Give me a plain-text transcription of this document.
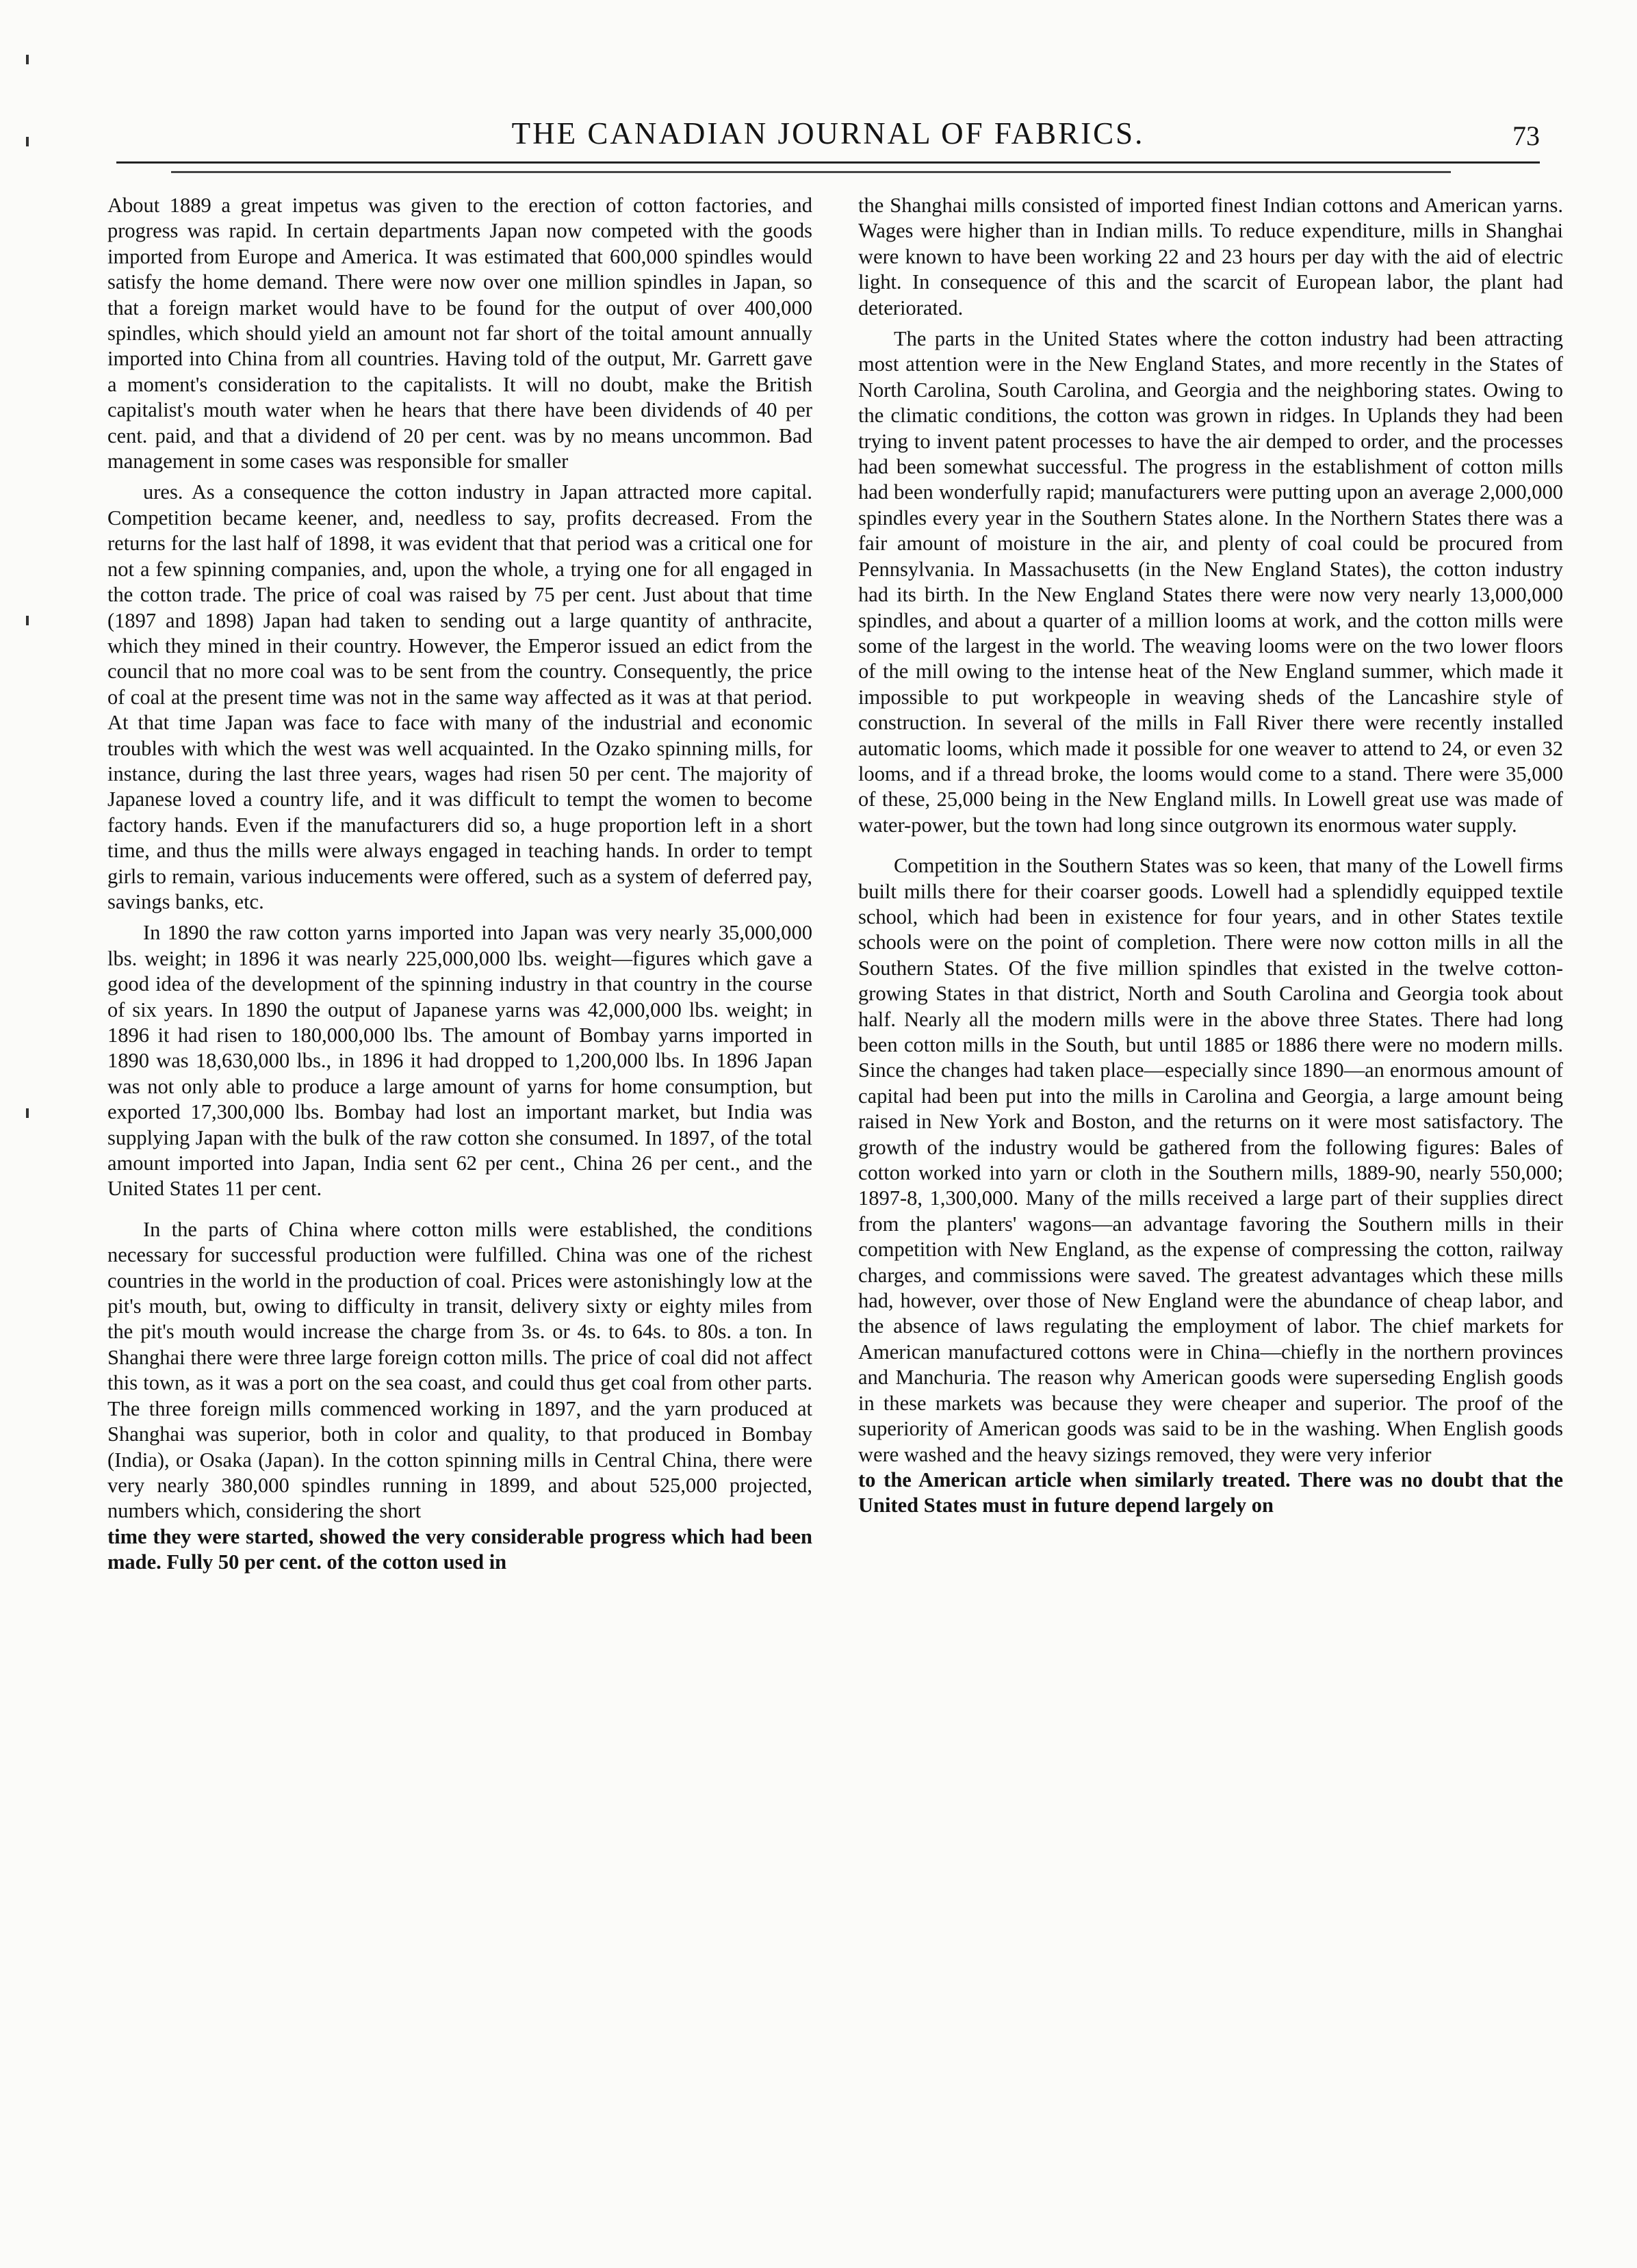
THE CANADIAN JOURNAL OF FABRICS.	73

About 1889 a great impetus was given to the erection of cotton factories, and progress was rapid. In certain departments Japan now competed with the goods imported from Europe and America. It was estimated that 600,000 spindles would satisfy the home demand. There were now over one million spindles in Japan, so that a foreign market would have to be found for the output of over 400,000 spindles, which should yield an amount not far short of the toital amount annually imported into China from all countries. Having told of the output, Mr. Garrett gave a moment's consideration to the capitalists. It will no doubt, make the British capitalist's mouth water when he hears that there have been dividends of 40 per cent. paid, and that a dividend of 20 per cent. was by no means uncommon. Bad management in some cases was responsible for smaller

ures. As a consequence the cotton industry in Japan attracted more capital. Competition became keener, and, needless to say, profits decreased. From the returns for the last half of 1898, it was evident that that period was a critical one for not a few spinning companies, and, upon the whole, a trying one for all engaged in the cotton trade. The price of coal was raised by 75 per cent. Just about that time (1897 and 1898) Japan had taken to sending out a large quantity of anthracite, which they mined in their country. However, the Emperor issued an edict from the council that no more coal was to be sent from the country. Consequently, the price of coal at the present time was not in the same way affected as it was at that period. At that time Japan was face to face with many of the industrial and economic troubles with which the west was well acquainted. In the Ozako spinning mills, for instance, during the last three years, wages had risen 50 per cent. The majority of Japanese loved a country life, and it was difficult to tempt the women to become factory hands. Even if the manufacturers did so, a huge proportion left in a short time, and thus the mills were always engaged in teaching hands. In order to tempt girls to remain, various inducements were offered, such as a system of deferred pay, savings banks, etc.

In 1890 the raw cotton yarns imported into Japan was very nearly 35,000,000 lbs. weight; in 1896 it was nearly 225,000,000 lbs. weight—figures which gave a good idea of the development of the spinning industry in that country in the course of six years. In 1890 the output of Japanese yarns was 42,000,000 lbs. weight; in 1896 it had risen to 180,000,000 lbs. The amount of Bombay yarns imported in 1890 was 18,630,000 lbs., in 1896 it had dropped to 1,200,000 lbs. In 1896 Japan was not only able to produce a large amount of yarns for home consumption, but exported 17,300,000 lbs. Bombay had lost an important market, but India was supplying Japan with the bulk of the raw cotton she consumed. In 1897, of the total amount imported into Japan, India sent 62 per cent., China 26 per cent., and the United States 11 per cent.

In the parts of China where cotton mills were established, the conditions necessary for successful production were fulfilled. China was one of the richest countries in the world in the production of coal. Prices were astonishingly low at the pit's mouth, but, owing to difficulty in transit, delivery sixty or eighty miles from the pit's mouth would increase the charge from 3s. or 4s. to 64s. to 80s. a ton. In Shanghai there were three large foreign cotton mills. The price of coal did not affect this town, as it was a port on the sea coast, and could thus get coal from other parts. The three foreign mills commenced working in 1897, and the yarn produced at Shanghai was superior, both in color and quality, to that produced in Bombay (India), or Osaka (Japan). In the cotton spinning mills in Central China, there were very nearly 380,000 spindles running in 1899, and about 525,000 projected, numbers which, considering the short

time they were started, showed the very considerable progress which had been made. Fully 50 per cent. of the cotton used in

the Shanghai mills consisted of imported finest Indian cottons and American yarns. Wages were higher than in Indian mills. To reduce expenditure, mills in Shanghai were known to have been working 22 and 23 hours per day with the aid of electric light. In consequence of this and the scarcit of European labor, the plant had deteriorated.

The parts in the United States where the cotton industry had been attracting most attention were in the New England States, and more recently in the States of North Carolina, South Carolina, and Georgia and the neighboring states. Owing to the climatic conditions, the cotton was grown in ridges. In Uplands they had been trying to invent patent processes to have the air demped to order, and the processes had been somewhat successful. The progress in the establishment of cotton mills had been wonderfully rapid; manufacturers were putting upon an average 2,000,000 spindles every year in the Southern States alone. In the Northern States there was a fair amount of moisture in the air, and plenty of coal could be procured from Pennsylvania. In Massachusetts (in the New England States), the cotton industry had its birth. In the New England States there were now very nearly 13,000,000 spindles, and about a quarter of a million looms at work, and the cotton mills were some of the largest in the world. The weaving looms were on the two lower floors of the mill owing to the intense heat of the New England summer, which made it impossible to put workpeople in weaving sheds of the Lancashire style of construction. In several of the mills in Fall River there were recently installed automatic looms, which made it possible for one weaver to attend to 24, or even 32 looms, and if a thread broke, the looms would come to a stand. There were 35,000 of these, 25,000 being in the New England mills. In Lowell great use was made of water-power, but the town had long since outgrown its enormous water supply.

Competition in the Southern States was so keen, that many of the Lowell firms built mills there for their coarser goods. Lowell had a splendidly equipped textile school, which had been in existence for four years, and in other States textile schools were on the point of completion. There were now cotton mills in all the Southern States. Of the five million spindles that existed in the twelve cotton-growing States in that district, North and South Carolina and Georgia took about half. Nearly all the modern mills were in the above three States. There had long been cotton mills in the South, but until 1885 or 1886 there were no modern mills. Since the changes had taken place—especially since 1890—an enormous amount of capital had been put into the mills in Carolina and Georgia, a large amount being raised in New York and Boston, and the returns on it were most satisfactory. The growth of the industry would be gathered from the following figures: Bales of cotton worked into yarn or cloth in the Southern mills, 1889-90, nearly 550,000; 1897-8, 1,300,000. Many of the mills received a large part of their supplies direct from the planters' wagons—an advantage favoring the Southern mills in their competition with New England, as the expense of compressing the cotton, railway charges, and commissions were saved. The greatest advantages which these mills had, however, over those of New England were the abundance of cheap labor, and the absence of laws regulating the employment of labor. The chief markets for American manufactured cottons were in China—chiefly in the northern provinces and Manchuria. The reason why American goods were superseding English goods in these markets was because they were cheaper and superior. The proof of the superiority of American goods was said to be in the washing. When English goods were washed and the heavy sizings removed, they were very inferior

to the American article when similarly treated. There was no doubt that the United States must in future depend largely on
